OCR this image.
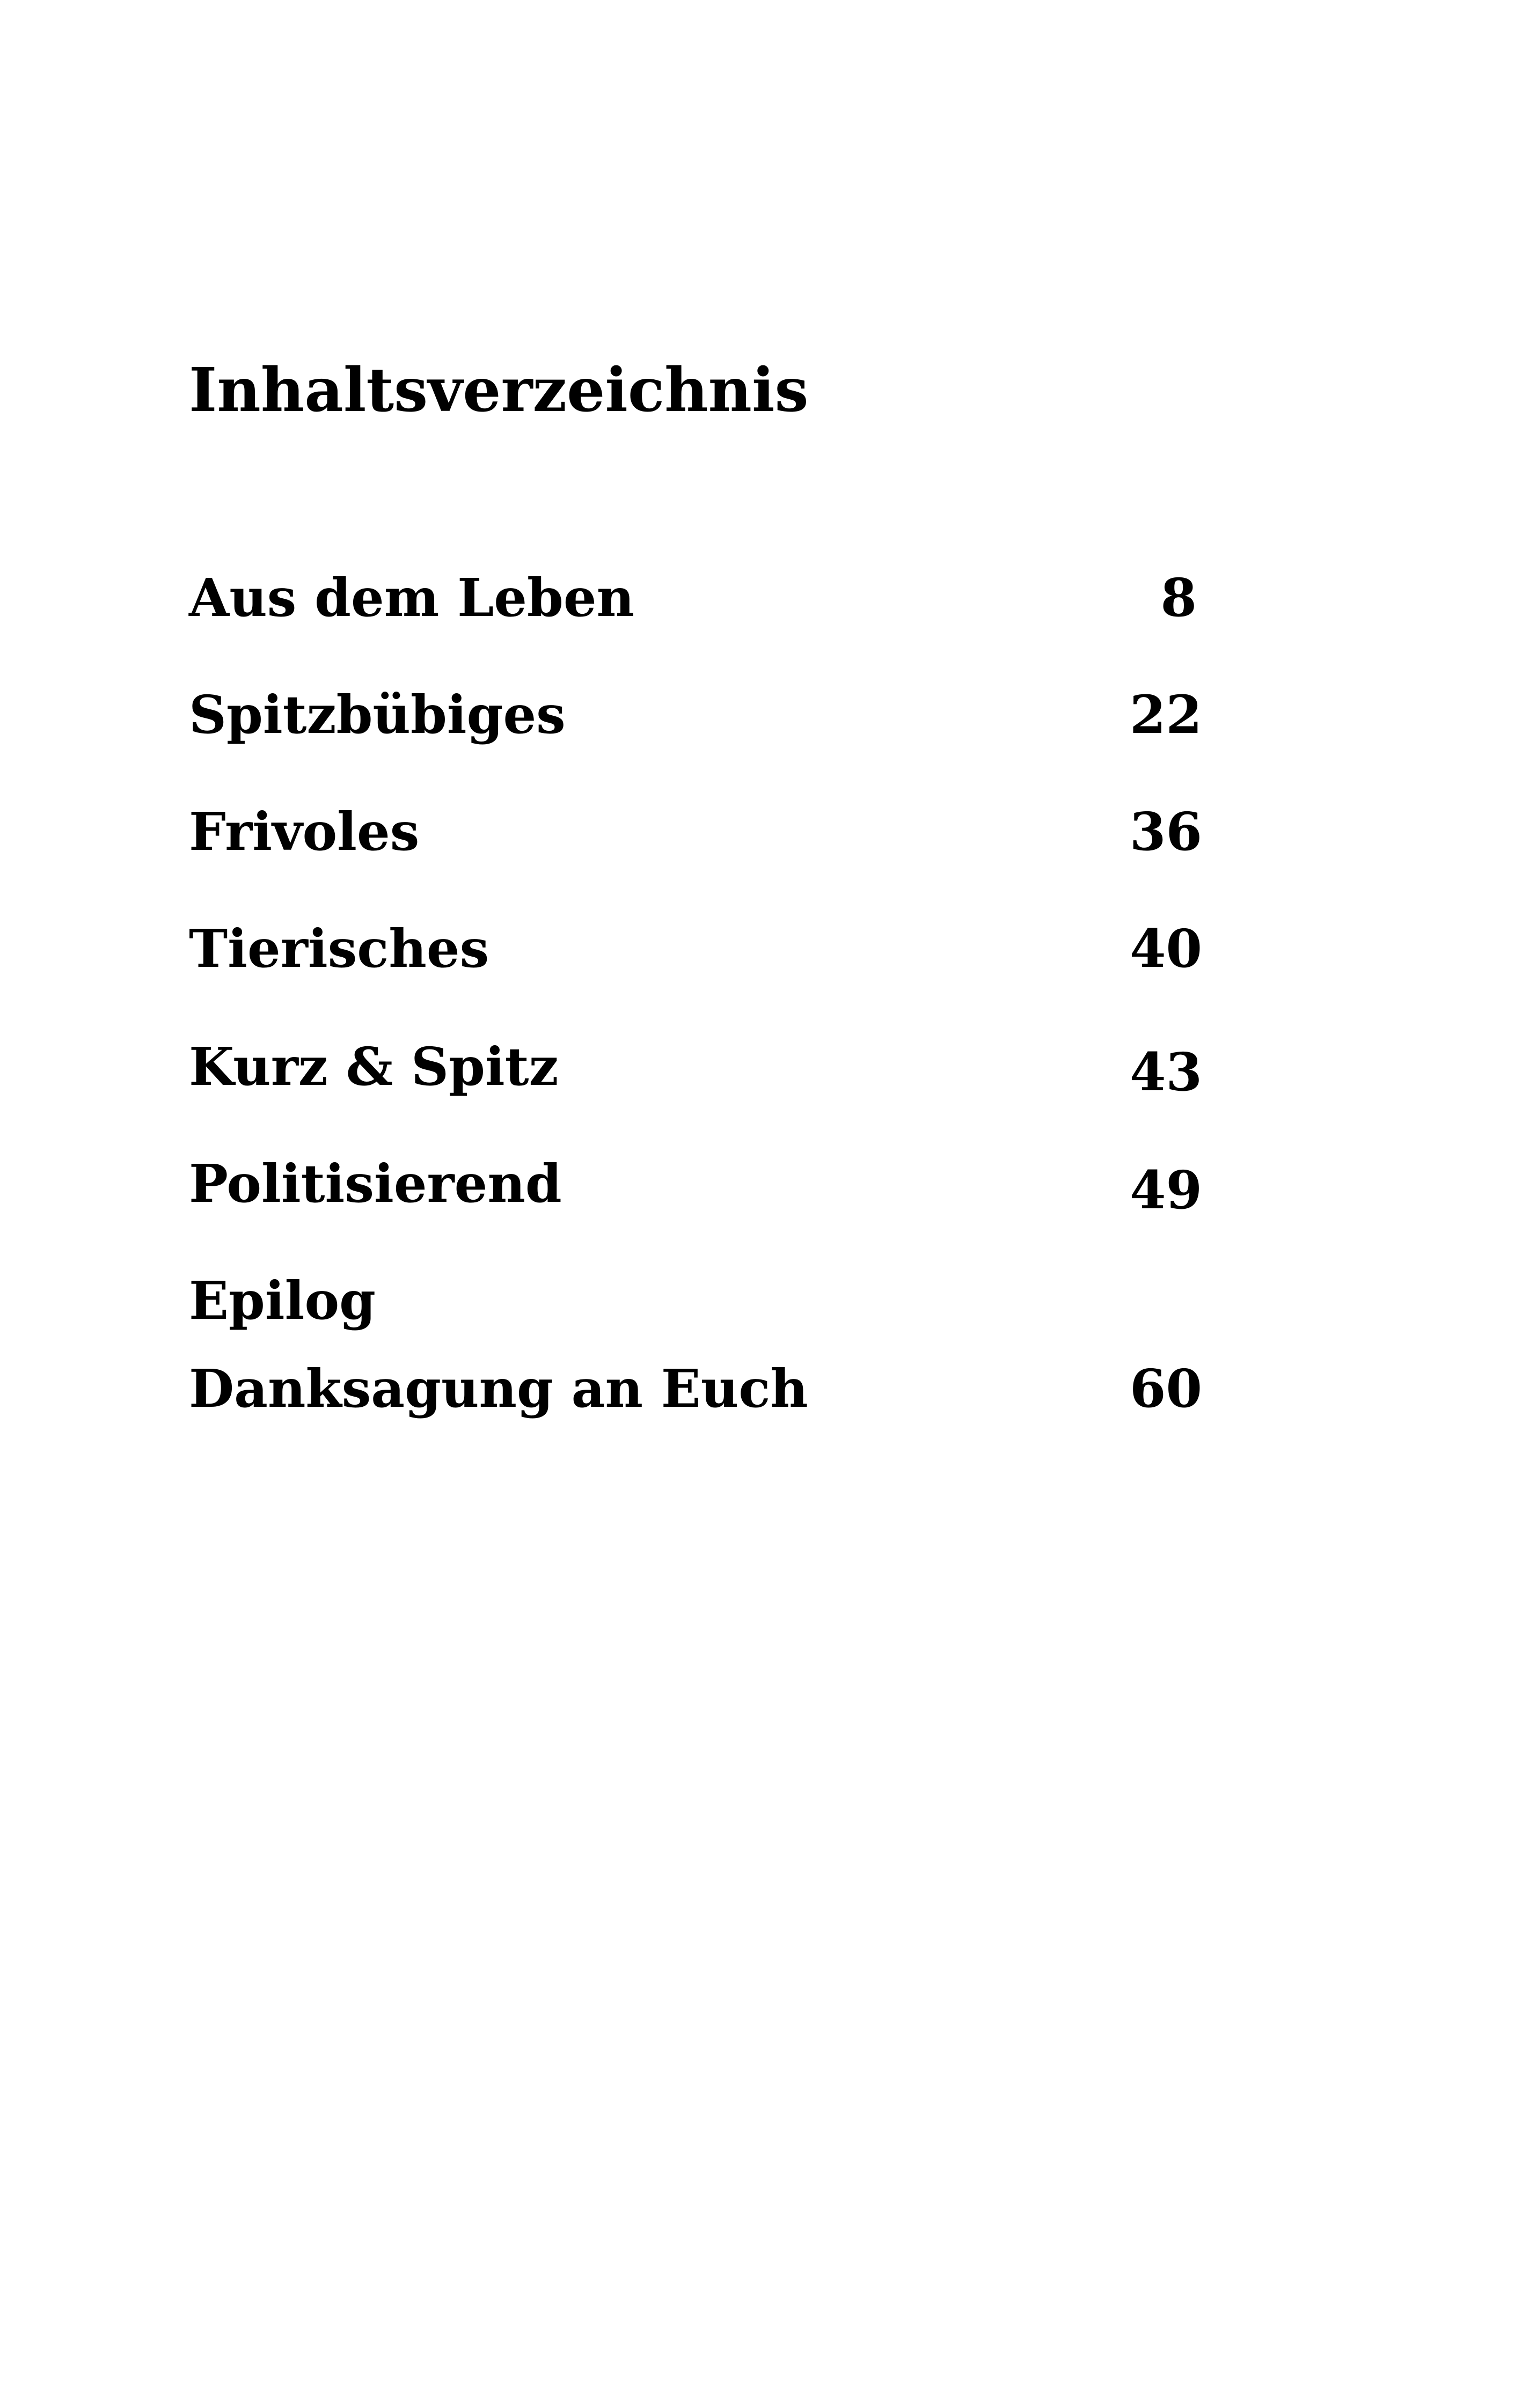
Inhaltsverzeichnis
Aus dem Leben	8
Spitzbübiges	22
Frivoles	36
Tierisches	40
Kurz & Spitz	43
Politisierend	49
Epilog
Danksagung an Euch	60
